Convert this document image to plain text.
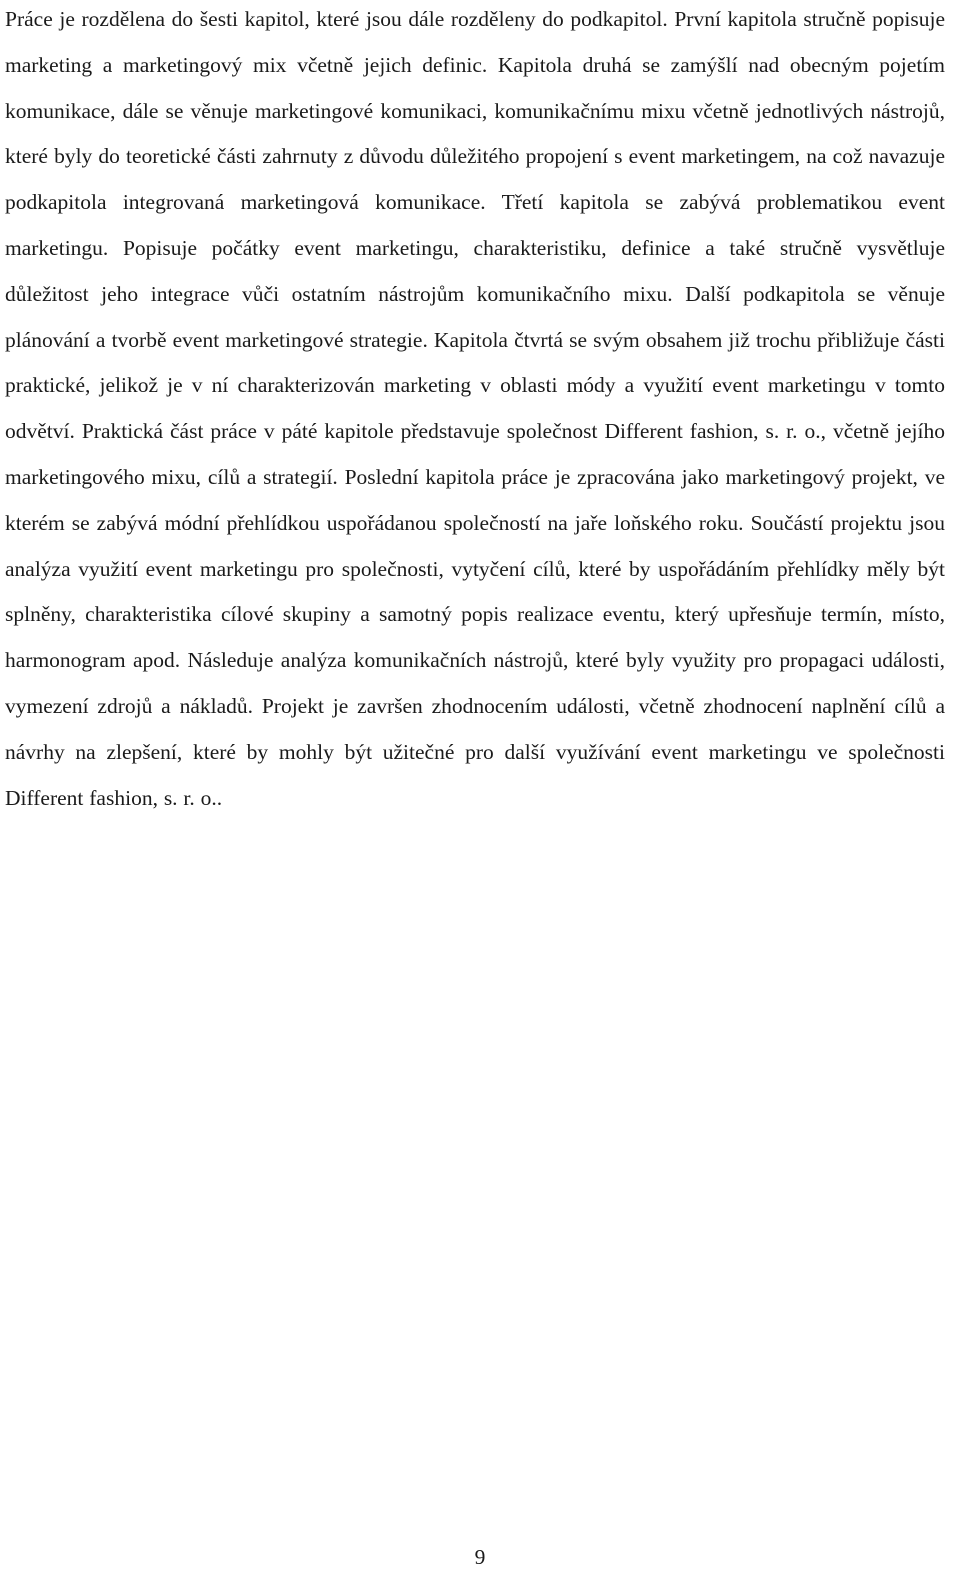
Práce je rozdělena do šesti kapitol, které jsou dále rozděleny do podkapitol. První kapitola stručně popisuje marketing a marketingový mix včetně jejich definic. Kapitola druhá se zamýšlí nad obecným pojetím komunikace, dále se věnuje marketingové komunikaci, komunikačnímu mixu včetně jednotlivých nástrojů, které byly do teoretické části zahrnuty z důvodu důležitého propojení s event marketingem, na což navazuje podkapitola integrovaná marketingová komunikace. Třetí kapitola se zabývá problematikou event marketingu. Popisuje počátky event marketingu, charakteristiku, definice a také stručně vysvětluje důležitost jeho integrace vůči ostatním nástrojům komunikačního mixu. Další podkapitola se věnuje plánování a tvorbě event marketingové strategie. Kapitola čtvrtá se svým obsahem již trochu přibližuje části praktické, jelikož je v ní charakterizován marketing v oblasti módy a využití event marketingu v tomto odvětví. Praktická část práce v páté kapitole představuje společnost Different fashion, s. r. o., včetně jejího marketingového mixu, cílů a strategií. Poslední kapitola práce je zpracována jako marketingový projekt, ve kterém se zabývá módní přehlídkou uspořádanou společností na jaře loňského roku. Součástí projektu jsou analýza využití event marketingu pro společnosti, vytyčení cílů, které by uspořádáním přehlídky měly být splněny, charakteristika cílové skupiny a samotný popis realizace eventu, který upřesňuje termín, místo, harmonogram apod. Následuje analýza komunikačních nástrojů, které byly využity pro propagaci události, vymezení zdrojů a nákladů. Projekt je završen zhodnocením události, včetně zhodnocení naplnění cílů a návrhy na zlepšení, které by mohly být užitečné pro další využívání event marketingu ve společnosti Different fashion, s. r. o..

9
